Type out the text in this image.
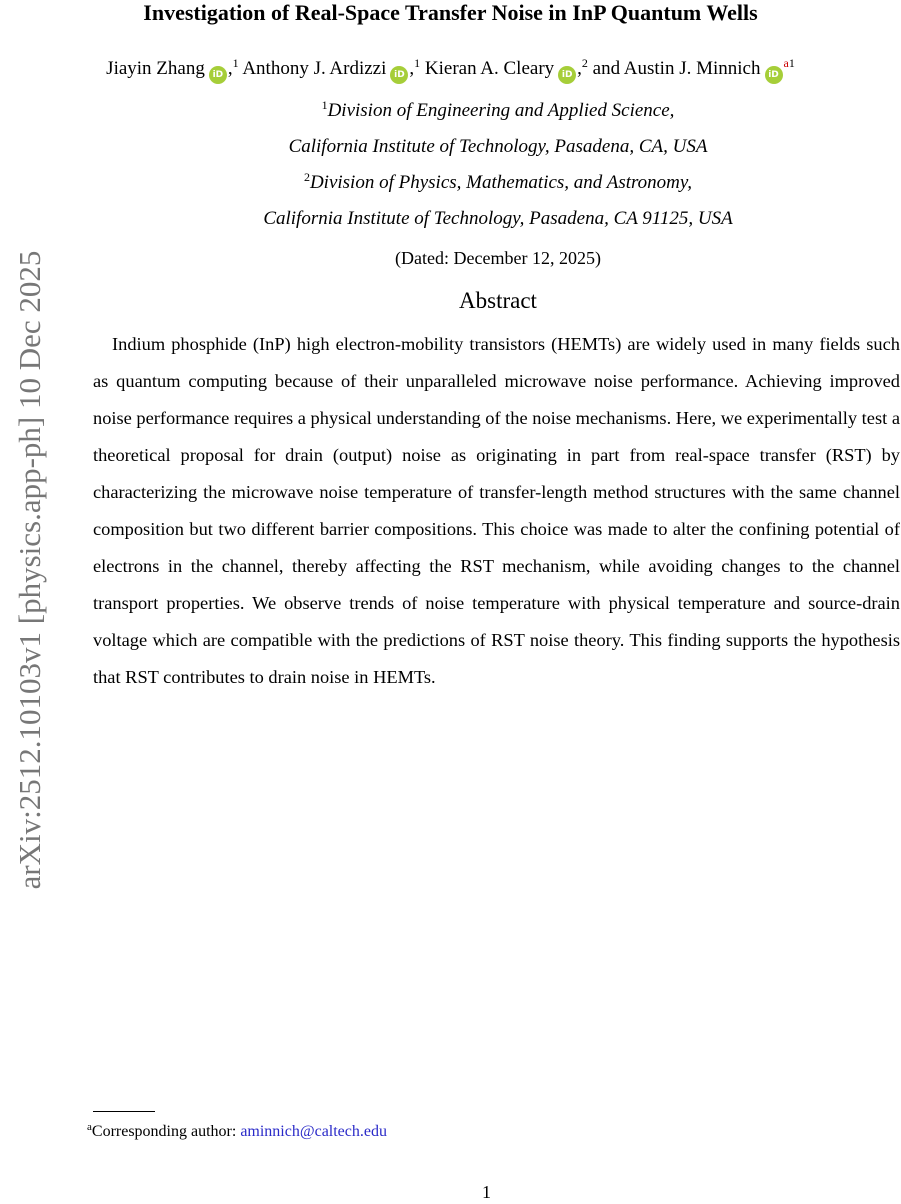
arXiv:2512.10103v1 [physics.app-ph] 10 Dec 2025
Investigation of Real-Space Transfer Noise in InP Quantum Wells
Jiayin Zhang iD ,$^1$ Anthony J. Ardizzi iD ,$^1$ Kieran A. Cleary iD ,$^2$ and Austin J. Minnich $iD^{a1}$
$^1$Division of Engineering and Applied Science,
California Institute of Technology, Pasadena, CA, USA
$^2$Division of Physics, Mathematics, and Astronomy,
California Institute of Technology, Pasadena, CA 91125, USA
(Dated: December 12, 2025)
Abstract

Indium phosphide (InP) high electron-mobility transistors (HEMTs) are widely used in many fields such as quantum computing because of their unparalleled microwave noise performance. Achieving improved noise performance requires a physical understanding of the noise mechanisms. Here, we experimentally test a theoretical proposal for drain (output) noise as originating in part from real-space transfer (RST) by characterizing the microwave noise temperature of transfer-length method structures with the same channel composition but two different barrier compositions. This choice was made to alter the confining potential of electrons in the channel, thereby affecting the RST mechanism, while avoiding changes to the channel transport properties. We observe trends of noise temperature with physical temperature and source-drain voltage which are compatible with the predictions of RST noise theory. This finding supports the hypothesis that RST contributes to drain noise in HEMTs.

$^a$Corresponding author: aminnich@caltech.edu
1
